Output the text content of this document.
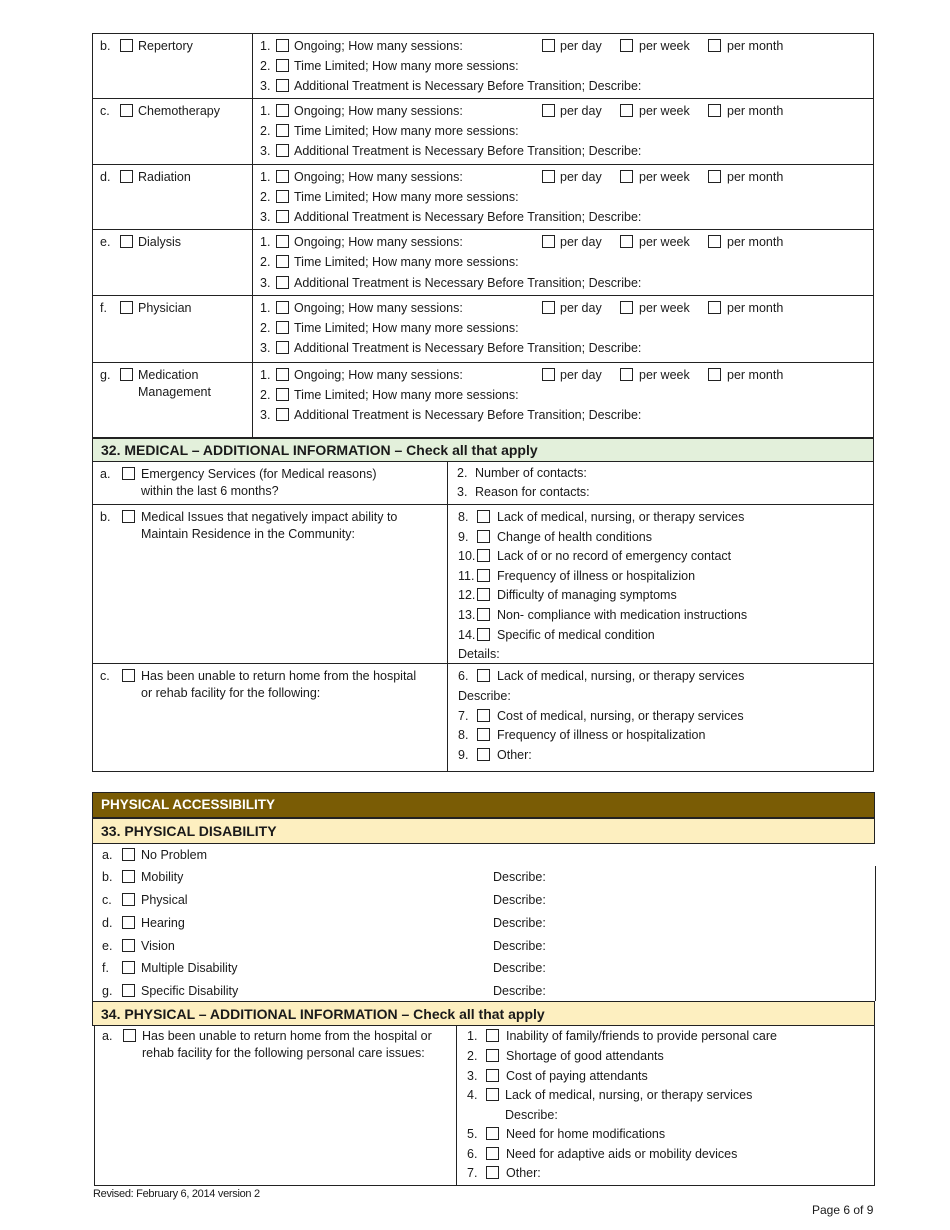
b. Repertory	1. Ongoing; How many sessions:	per day	per week	per month
2. Time Limited; How many more sessions:
3. Additional Treatment is Necessary Before Transition; Describe:
c. Chemotherapy	1. Ongoing; How many sessions:	per day	per week	per month
2. Time Limited; How many more sessions:
3. Additional Treatment is Necessary Before Transition; Describe:
d. Radiation	1. Ongoing; How many sessions:	per day	per week	per month
2. Time Limited; How many more sessions:
3. Additional Treatment is Necessary Before Transition; Describe:
e. Dialysis	1. Ongoing; How many sessions:	per day	per week	per month
2. Time Limited; How many more sessions:
3. Additional Treatment is Necessary Before Transition; Describe:
f. Physician	1. Ongoing; How many sessions:	per day	per week	per month
2. Time Limited; How many more sessions:
3. Additional Treatment is Necessary Before Transition; Describe:
g. Medication
Management
1. Ongoing; How many sessions:	per day	per week	per month
2. Time Limited; How many more sessions:
3. Additional Treatment is Necessary Before Transition; Describe:
32. MEDICAL – ADDITIONAL INFORMATION – Check all that apply
a. Emergency Services (for Medical reasons)
within the last 6 months?
2. Number of contacts:
3. Reason for contacts:
b. Medical Issues that negatively impact ability to
Maintain Residence in the Community:
8. Lack of medical, nursing, or therapy services
9. Change of health conditions
10. Lack of or no record of emergency contact
11. Frequency of illness or hospitalizion
12. Difficulty of managing symptoms
13. Non- compliance with medication instructions
14. Specific of medical condition
Details:
c.	Has been unable to return home from the hospital
or rehab facility for the following:
6. Lack of medical, nursing, or therapy services
Describe:
7. Cost of medical, nursing, or therapy services
8. Frequency of illness or hospitalization
9. Other:
PHYSICAL ACCESSIBILITY
33. PHYSICAL DISABILITY
a. No Problem
b. Mobility	Describe:
c. Physical	Describe:
d. Hearing	Describe:
e. Vision	Describe:
f.	Multiple Disability	Describe:
g. Specific Disability	Describe:
34. PHYSICAL – ADDITIONAL INFORMATION – Check all that apply
a. Has been unable to return home from the hospital or
rehab facility for the following personal care issues:
1. Inability of family/friends to provide personal care
2. Shortage of good attendants
3. Cost of paying attendants
4. Lack of medical, nursing, or therapy services
Describe:
5. Need for home modifications
6. Need for adaptive aids or mobility devices
7. Other:
Revised: February 6, 2014 version 2
Page 6 of 9
